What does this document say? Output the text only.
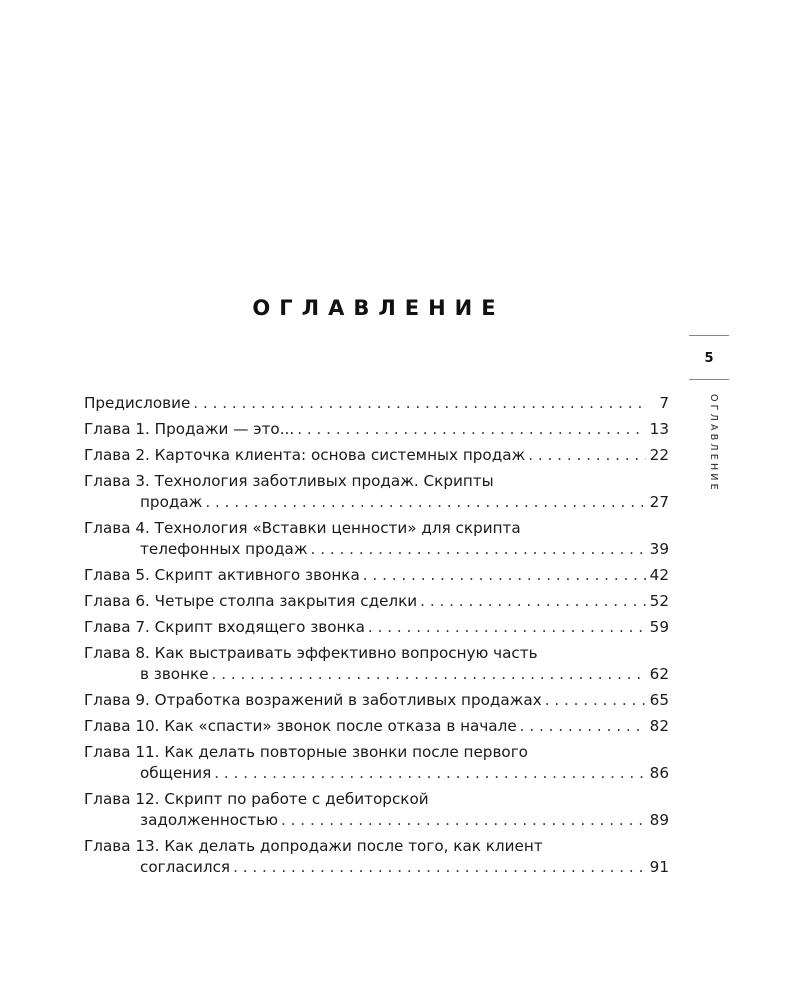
ОГЛАВЛЕНИЕ
5
ОГЛАВЛЕНИЕ
Предисловие . . .	7
Глава 1. Продажи — это... . . .	13
Глава 2. Карточка клиента: основа системных продаж . . .	22
Глава 3. Технология заботливых продаж. Скрипты
продаж . . .	27
Глава 4. Технология «Вставки ценности» для скрипта
телефонных продаж . . .	39
Глава 5. Скрипт активного звонка . . .	42
Глава 6. Четыре столпа закрытия сделки . . .	52
Глава 7. Скрипт входящего звонка . . .	59
Глава 8. Как выстраивать эффективно вопросную часть
в звонке . . .	62
Глава 9. Отработка возражений в заботливых продажах . . .	65
Глава 10. Как «спасти» звонок после отказа в начале . . .	82
Глава 11. Как делать повторные звонки после первого
общения . . .	86
Глава 12. Скрипт по работе с дебиторской
задолженностью . . .	89
Глава 13. Как делать допродажи после того, как клиент
согласился . . .	91
